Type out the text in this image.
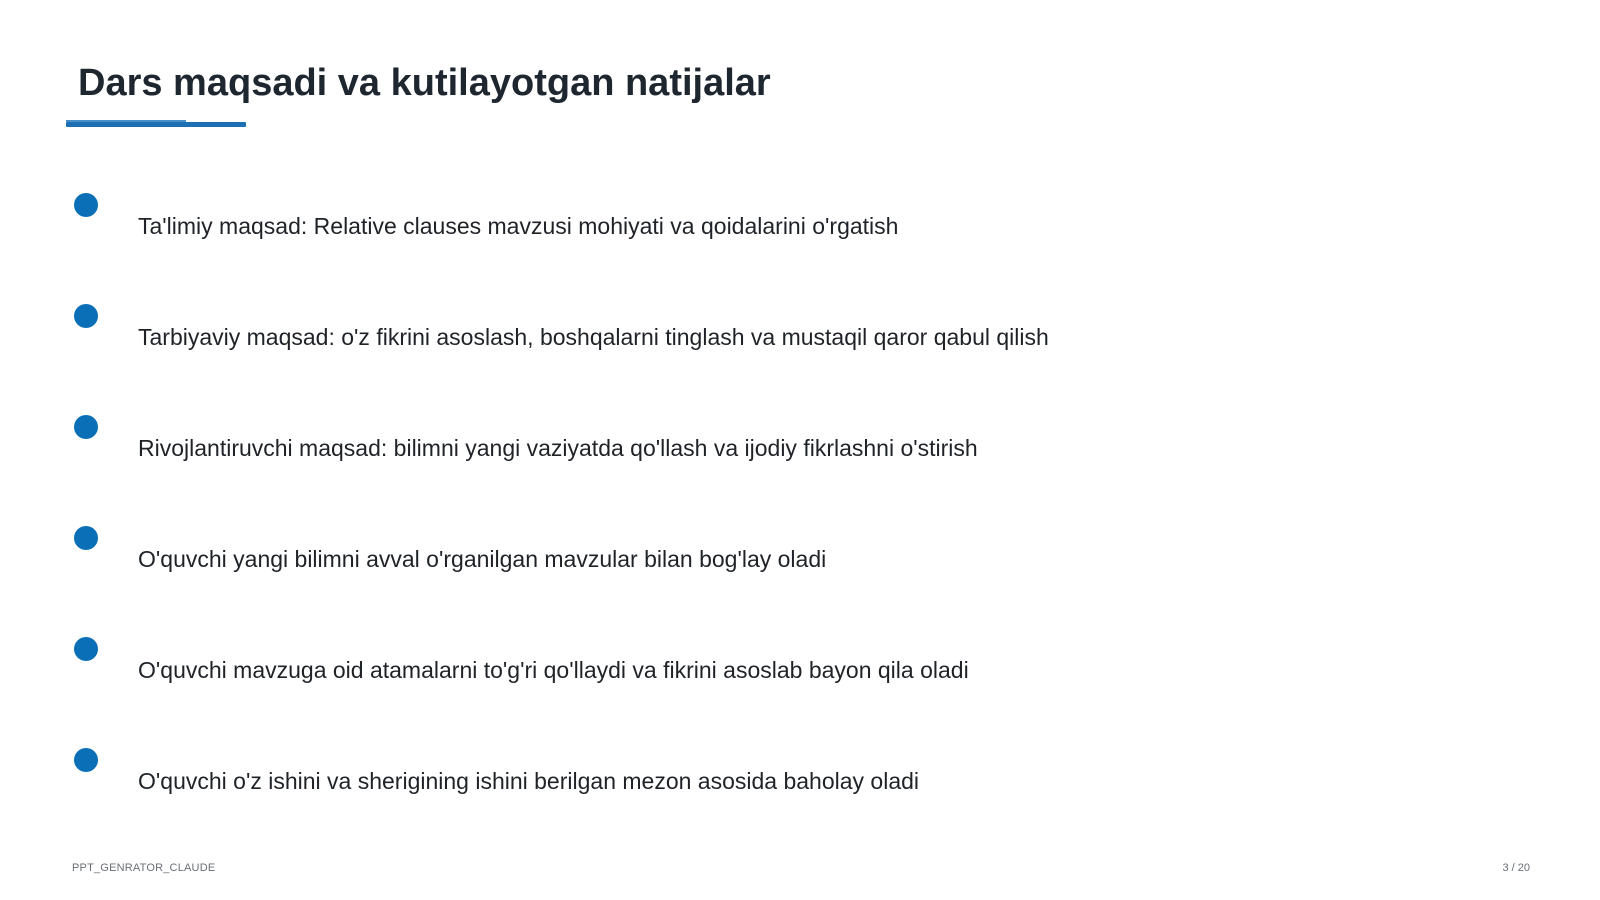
Dars maqsadi va kutilayotgan natijalar
Ta'limiy maqsad: Relative clauses mavzusi mohiyati va qoidalarini o'rgatish
Tarbiyaviy maqsad: o'z fikrini asoslash, boshqalarni tinglash va mustaqil qaror qabul qilish
Rivojlantiruvchi maqsad: bilimni yangi vaziyatda qo'llash va ijodiy fikrlashni o'stirish
O'quvchi yangi bilimni avval o'rganilgan mavzular bilan bog'lay oladi
O'quvchi mavzuga oid atamalarni to'g'ri qo'llaydi va fikrini asoslab bayon qila oladi
O'quvchi o'z ishini va sherigining ishini berilgan mezon asosida baholay oladi
PPT_GENRATOR_CLAUDE	3 / 20
